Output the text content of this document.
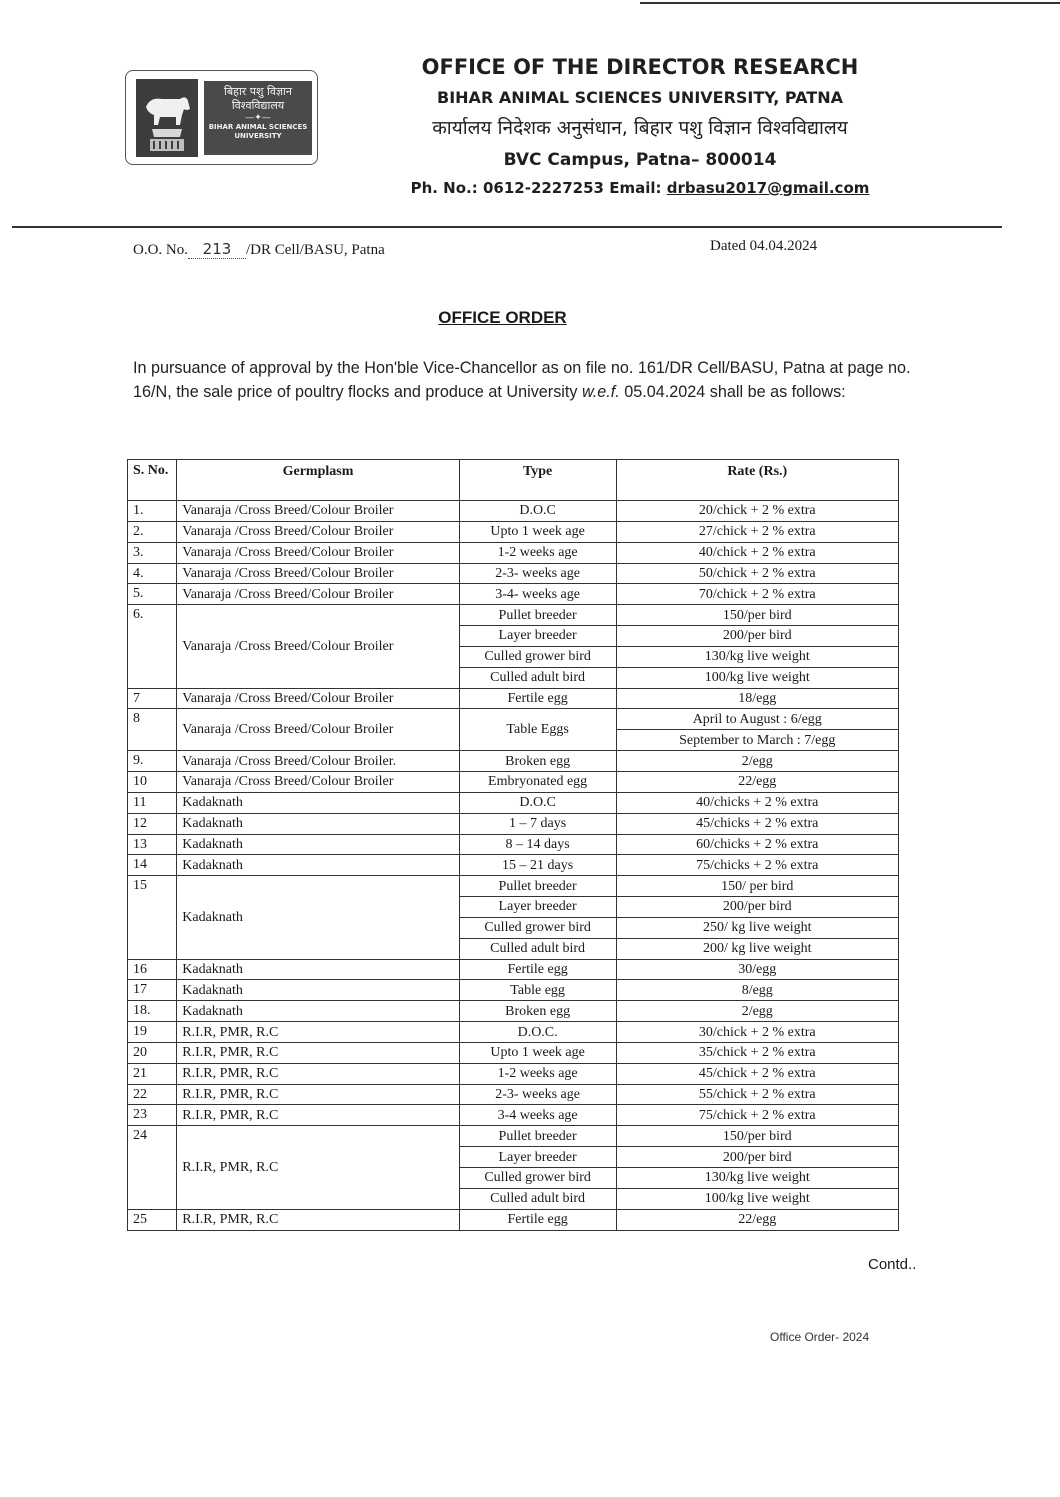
बिहार पशु विज्ञान विश्वविद्यालय
—✦—
BIHAR ANIMAL SCIENCES UNIVERSITY
OFFICE OF THE DIRECTOR RESEARCH
BIHAR ANIMAL SCIENCES UNIVERSITY, PATNA
कार्यालय निदेशक अनुसंधान, बिहार पशु विज्ञान विश्वविद्यालय
BVC Campus, Patna– 800014
Ph. No.: 0612-2227253 Email: drbasu2017@gmail.com
O.O. No. 213 /DR Cell/BASU, Patna	Dated 04.04.2024
OFFICE ORDER

In pursuance of approval by the Hon'ble Vice-Chancellor as on file no. 161/DR Cell/BASU, Patna at page no. 16/N, the sale price of poultry flocks and produce at University w.e.f. 05.04.2024 shall be as follows:

S. No.	Germplasm	Type	Rate (Rs.)
1.	Vanaraja /Cross Breed/Colour Broiler	D.O.C	20/chick + 2 % extra
2.	Vanaraja /Cross Breed/Colour Broiler	Upto 1 week age	27/chick + 2 % extra
3.	Vanaraja /Cross Breed/Colour Broiler	1-2 weeks age	40/chick + 2 % extra
4.	Vanaraja /Cross Breed/Colour Broiler	2-3- weeks age	50/chick + 2 % extra
5.	Vanaraja /Cross Breed/Colour Broiler	3-4- weeks age	70/chick + 2 % extra
6.	Vanaraja /Cross Breed/Colour Broiler	Pullet breeder	150/per bird
		Layer breeder	200/per bird
		Culled grower bird	130/kg live weight
		Culled adult bird	100/kg live weight
7	Vanaraja /Cross Breed/Colour Broiler	Fertile egg	18/egg
8	Vanaraja /Cross Breed/Colour Broiler	Table Eggs	April to August : 6/egg
			September to March : 7/egg
9.	Vanaraja /Cross Breed/Colour Broiler.	Broken egg	2/egg
10	Vanaraja /Cross Breed/Colour Broiler	Embryonated egg	22/egg
11	Kadaknath	D.O.C	40/chicks + 2 % extra
12	Kadaknath	1 – 7 days	45/chicks + 2 % extra
13	Kadaknath	8 – 14 days	60/chicks + 2 % extra
14	Kadaknath	15 – 21 days	75/chicks + 2 % extra
15	Kadaknath	Pullet breeder	150/ per bird
		Layer breeder	200/per bird
		Culled grower bird	250/ kg live weight
		Culled adult bird	200/ kg live weight
16	Kadaknath	Fertile egg	30/egg
17	Kadaknath	Table egg	8/egg
18.	Kadaknath	Broken egg	2/egg
19	R.I.R, PMR, R.C	D.O.C.	30/chick + 2 % extra
20	R.I.R, PMR, R.C	Upto 1 week age	35/chick + 2 % extra
21	R.I.R, PMR, R.C	1-2 weeks age	45/chick + 2 % extra
22	R.I.R, PMR, R.C	2-3- weeks age	55/chick + 2 % extra
23	R.I.R, PMR, R.C	3-4 weeks age	75/chick + 2 % extra
24	R.I.R, PMR, R.C	Pullet breeder	150/per bird
		Layer breeder	200/per bird
		Culled grower bird	130/kg live weight
		Culled adult bird	100/kg live weight
25	R.I.R, PMR, R.C	Fertile egg	22/egg
Contd..
Office Order- 2024
